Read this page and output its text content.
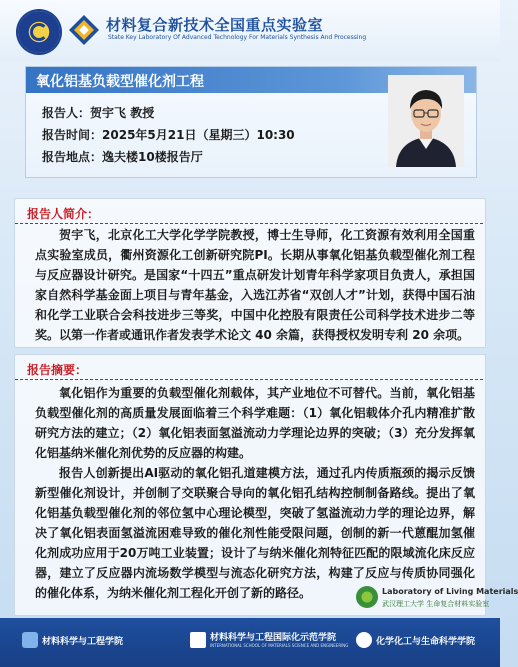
材料复合新技术全国重点实验室
State Key Laboratory Of Advanced Technology For Materials Synthesis And Processing
氧化铝基负载型催化剂工程
报告人：贺宇飞 教授
报告时间：2025年5月21日（星期三）10:30
报告地点：逸夫楼10楼报告厅
报告人简介：

贺宇飞，北京化工大学化学学院教授，博士生导师，化工资源有效利用全国重点实验室成员，衢州资源化工创新研究院PI。长期从事氧化铝基负载型催化剂工程与反应器设计研究。是国家“十四五”重点研发计划青年科学家项目负责人，承担国家自然科学基金面上项目与青年基金，入选江苏省“双创人才”计划，获得中国石油和化学工业联合会科技进步三等奖，中国中化控股有限责任公司科学技术进步二等奖。以第一作者或通讯作者发表学术论文 40 余篇，获得授权发明专利 20 余项。

报告摘要：

氧化铝作为重要的负载型催化剂载体，其产业地位不可替代。当前，氧化铝基负载型催化剂的高质量发展面临着三个科学难题：（1）氧化铝载体介孔内精准扩散研究方法的建立；（2）氧化铝表面氢溢流动力学理论边界的突破；（3）充分发挥氧化铝基纳米催化剂优势的反应器的构建。

报告人创新提出AI驱动的氧化铝孔道建模方法，通过孔内传质瓶颈的揭示反馈新型催化剂设计，并创制了交联聚合导向的氧化铝孔结构控制制备路线。提出了氧化铝基负载型催化剂的邻位氢中心理论模型，突破了氢溢流动力学的理论边界，解决了氧化铝表面氢溢流困难导致的催化剂性能受限问题，创制的新一代蒽醌加氢催化剂成功应用于20万吨工业装置；设计了与纳米催化剂特征匹配的限域流化床反应器，建立了反应器内流场数学模型与流态化研究方法，构建了反应与传质协同强化的催化体系，为纳米催化剂工程化开创了新的路径。	Laboratory of Living Materials
武汉理工大学 生命复合材料实验室
材料科学与工程学院	材料科学与工程国际化示范学院
INTERNATIONAL SCHOOL OF MATERIALS SCIENCE AND ENGINEERING	化学化工与生命科学学院
